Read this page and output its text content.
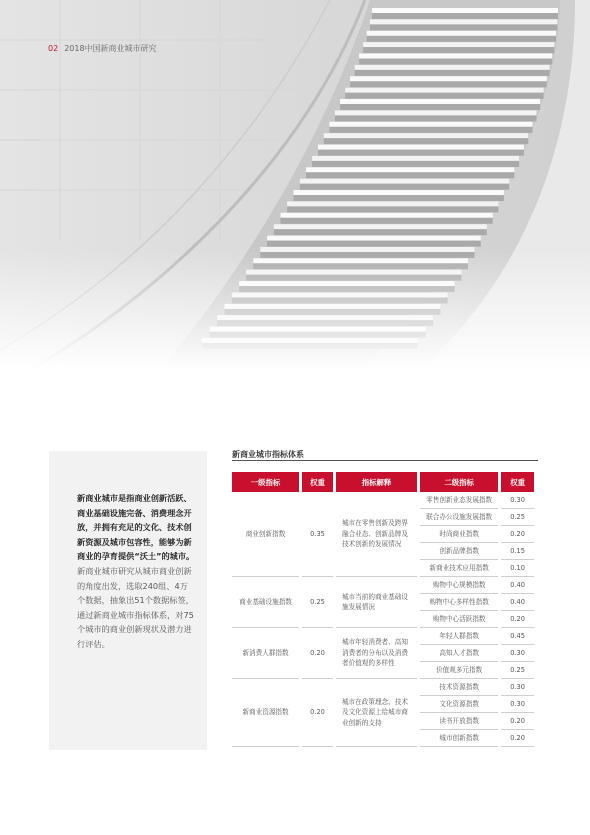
02 2018中国新商业城市研究
新商业城市是指商业创新活跃、商业基础设施完备、消费理念开放，并拥有充足的文化、技术创新资源及城市包容性，能够为新商业的孕育提供“沃土”的城市。新商业城市研究从城市商业创新的角度出发，选取240组、4万个数据，抽象出51个数据标签，通过新商业城市指标体系，对75个城市的商业创新现状及潜力进行评估。
新商业城市指标体系
一级指标	权重	指标解释	二级指标	权重
商业创新指数	0.35	城市在零售创新及跨界融合业态、创新品牌及技术创新的发展情况	零售创新业态发展指数	0.30
			联合办公设施发展指数	0.25
			时尚商业指数	0.20
			创新品牌指数	0.15
			新商业技术应用指数	0.10
商业基础设施指数	0.25	城市当前的商业基础设施发展情况	购物中心规模指数	0.40
			购物中心多样性指数	0.40
			购物中心活跃指数	0.20
新消费人群指数	0.20	城市年轻消费者、高知消费者的分布以及消费者价值观的多样性	年轻人群指数	0.45
			高知人才指数	0.30
			价值观多元指数	0.25
新商业资源指数	0.20	城市在政策理念、技术及文化资源上给城市商业创新的支持	技术资源指数	0.30
			文化资源指数	0.30
			读书开放指数	0.20
			城市创新指数	0.20
